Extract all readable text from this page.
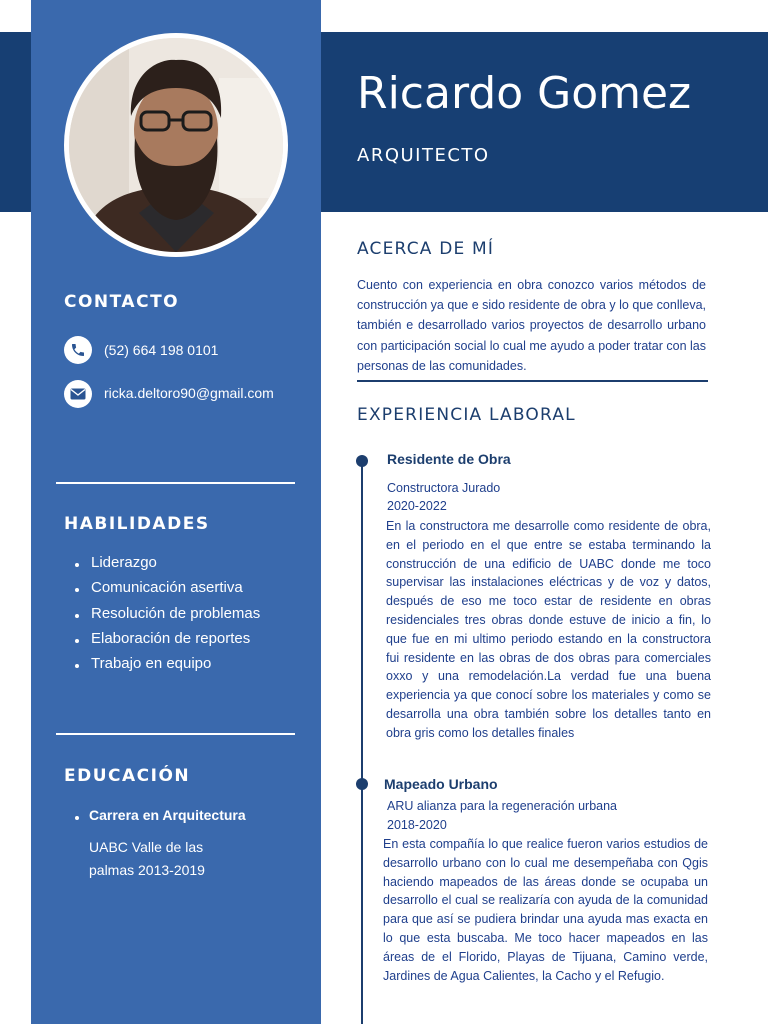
Ricardo Gomez
ARQUITECTO
CONTACTO
(52) 664 198 0101
ricka.deltoro90@gmail.com
HABILIDADES
Liderazgo
Comunicación asertiva
Resolución de problemas
Elaboración de reportes
Trabajo en equipo
EDUCACIÓN
Carrera en Arquitectura
UABC Valle de las
palmas 2013-2019
ACERCA DE MÍ
Cuento con experiencia en obra conozco varios métodos de construcción ya que e sido residente de obra y lo que conlleva, también e desarrollado varios proyectos de desarrollo urbano con participación social lo cual me ayudo a poder tratar con las personas de las comunidades.
EXPERIENCIA LABORAL
Residente de Obra
Constructora Jurado
2020-2022
En la constructora me desarrolle como residente de obra, en el periodo en el que entre se estaba terminando la construcción de una edificio de UABC donde me toco supervisar las instalaciones eléctricas y de voz y datos, después de eso me toco estar de residente en obras residenciales tres obras donde estuve de inicio a fin, lo que fue en mi ultimo periodo estando en la constructora fui residente en las obras de dos obras para comerciales oxxo y una remodelación.La verdad fue una buena experiencia ya que conocí sobre los materiales y como se desarrolla una obra también sobre los detalles tanto en obra gris como los detalles finales
Mapeado Urbano
ARU alianza para la regeneración urbana
2018-2020
En esta compañía lo que realice fueron varios estudios de desarrollo urbano con lo cual me desempeñaba con Qgis haciendo mapeados de las áreas donde se ocupaba un desarrollo el cual se realizaría con ayuda de la comunidad para que así se pudiera brindar una ayuda mas exacta en lo que esta buscaba. Me toco hacer mapeados en las áreas de el Florido, Playas de Tijuana, Camino verde, Jardines de Agua Calientes, la Cacho y el Refugio.
